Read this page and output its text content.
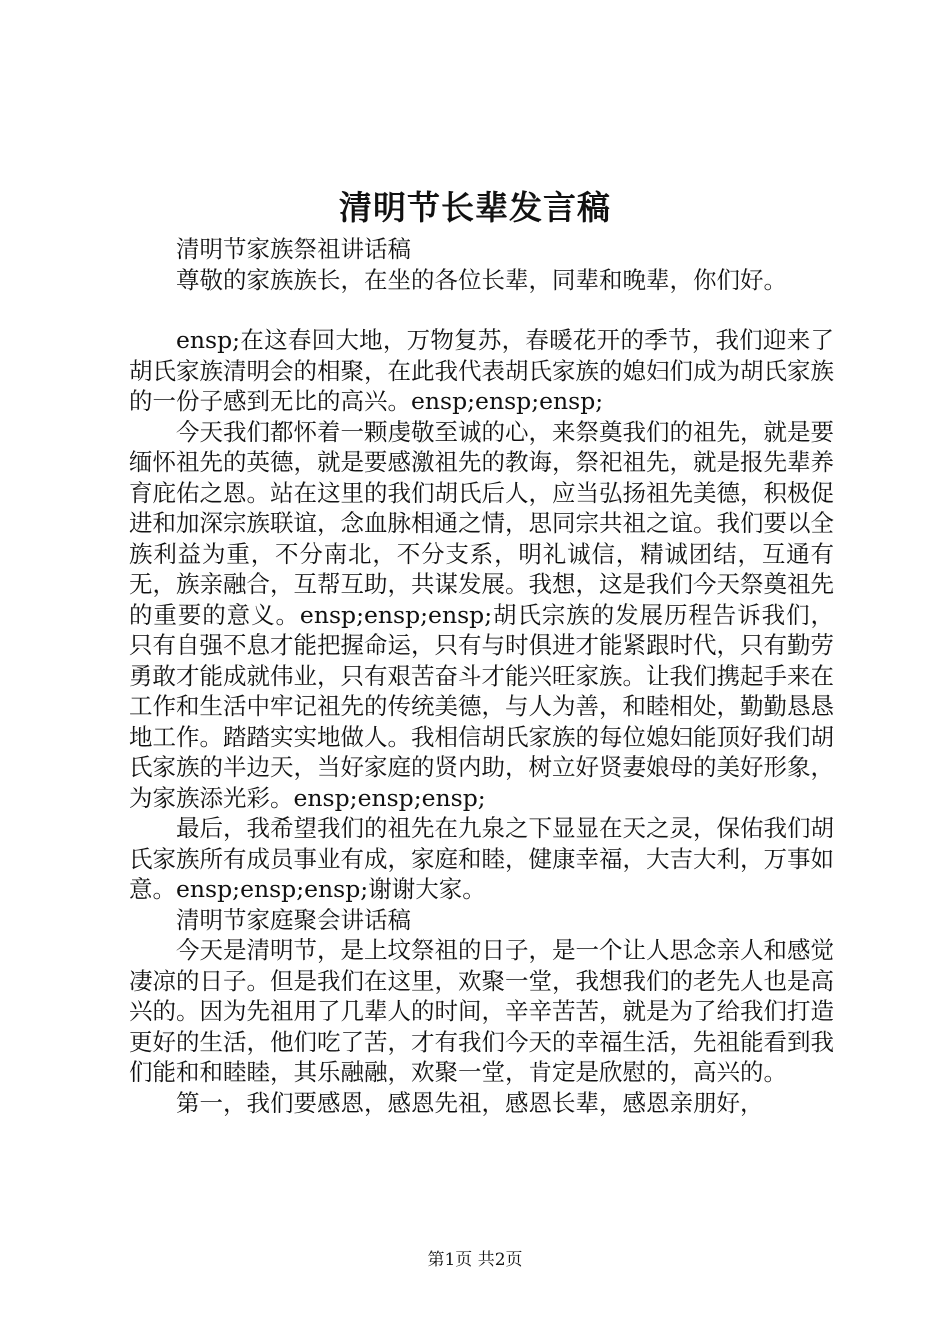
清明节长辈发言稿

清明节家族祭祖讲话稿

尊敬的家族族长，在坐的各位长辈，同辈和晚辈，你们好。

ensp;在这春回大地，万物复苏，春暖花开的季节，我们迎来了胡氏家族清明会的相聚，在此我代表胡氏家族的媳妇们成为胡氏家族的一份子感到无比的高兴。ensp;ensp;ensp;

今天我们都怀着一颗虔敬至诚的心，来祭奠我们的祖先，就是要缅怀祖先的英德，就是要感激祖先的教诲，祭祀祖先，就是报先辈养育庇佑之恩。站在这里的我们胡氏后人，应当弘扬祖先美德，积极促进和加深宗族联谊，念血脉相通之情，思同宗共祖之谊。我们要以全族利益为重，不分南北，不分支系，明礼诚信，精诚团结，互通有无，族亲融合，互帮互助，共谋发展。我想，这是我们今天祭奠祖先的重要的意义。ensp;ensp;ensp;胡氏宗族的发展历程告诉我们，只有自强不息才能把握命运，只有与时俱进才能紧跟时代，只有勤劳勇敢才能成就伟业，只有艰苦奋斗才能兴旺家族。让我们携起手来在工作和生活中牢记祖先的传统美德，与人为善，和睦相处，勤勤恳恳地工作。踏踏实实地做人。我相信胡氏家族的每位媳妇能顶好我们胡氏家族的半边天，当好家庭的贤内助，树立好贤妻娘母的美好形象，为家族添光彩。ensp;ensp;ensp;

最后，我希望我们的祖先在九泉之下显显在天之灵，保佑我们胡氏家族所有成员事业有成，家庭和睦，健康幸福，大吉大利，万事如意。ensp;ensp;ensp;谢谢大家。

清明节家庭聚会讲话稿

今天是清明节，是上坟祭祖的日子，是一个让人思念亲人和感觉凄凉的日子。但是我们在这里，欢聚一堂，我想我们的老先人也是高兴的。因为先祖用了几辈人的时间，辛辛苦苦，就是为了给我们打造更好的生活，他们吃了苦，才有我们今天的幸福生活，先祖能看到我们能和和睦睦，其乐融融，欢聚一堂，肯定是欣慰的，高兴的。

第一，我们要感恩，感恩先祖，感恩长辈，感恩亲朋好，

第1页 共2页
